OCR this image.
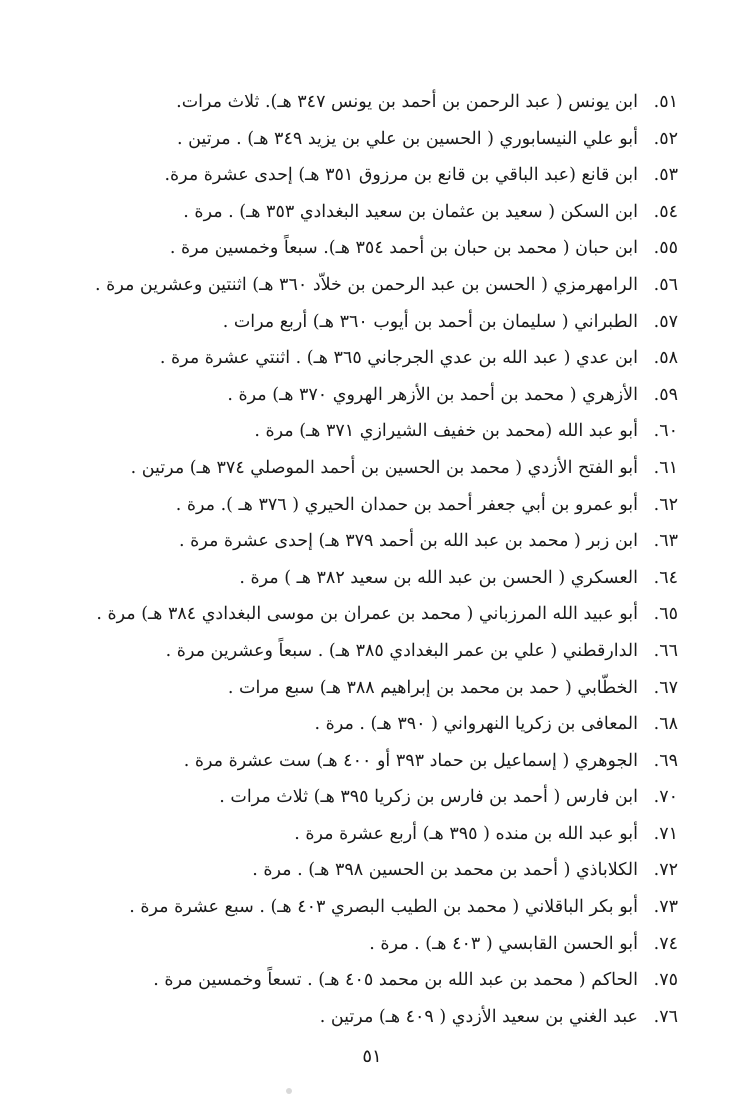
٥١.ابن يونس ( عبد الرحمن بن أحمد بن يونس ٣٤٧ هـ). ثلاث مرات.
٥٢.أبو علي النيسابوري ( الحسين بن علي بن يزيد ٣٤٩ هـ) . مرتين .
٥٣.ابن قانع (عبد الباقي بن قانع بن مرزوق ٣٥١ هـ) إحدى عشرة مرة.
٥٤.ابن السكن ( سعيد بن عثمان بن سعيد البغدادي ٣٥٣ هـ) . مرة .
٥٥.ابن حبان ( محمد بن حبان بن أحمد ٣٥٤ هـ). سبعاً وخمسين مرة .
٥٦.الرامهرمزي ( الحسن بن عبد الرحمن بن خلاّد ٣٦٠ هـ) اثنتين وعشرين مرة .
٥٧.الطبراني ( سليمان بن أحمد بن أيوب ٣٦٠ هـ) أربع مرات .
٥٨.ابن عدي ( عبد الله بن عدي الجرجاني ٣٦٥ هـ) . اثنتي عشرة مرة .
٥٩.الأزهري ( محمد بن أحمد بن الأزهر الهروي ٣٧٠ هـ) مرة .
٦٠.أبو عبد الله (محمد بن خفيف الشيرازي ٣٧١ هـ) مرة .
٦١.أبو الفتح الأزدي ( محمد بن الحسين بن أحمد الموصلي ٣٧٤ هـ) مرتين .
٦٢.أبو عمرو بن أبي جعفر أحمد بن حمدان الحيري ( ٣٧٦ هـ ). مرة .
٦٣.ابن زبر ( محمد بن عبد الله بن أحمد ٣٧٩ هـ) إحدى عشرة مرة .
٦٤.العسكري ( الحسن بن عبد الله بن سعيد ٣٨٢ هـ ) مرة .
٦٥.أبو عبيد الله المرزباني ( محمد بن عمران بن موسى البغدادي ٣٨٤ هـ) مرة .
٦٦.الدارقطني ( علي بن عمر البغدادي ٣٨٥ هـ) . سبعاً وعشرين مرة .
٦٧.الخطّابي ( حمد بن محمد بن إبراهيم ٣٨٨ هـ) سبع مرات .
٦٨.المعافى بن زكريا النهرواني ( ٣٩٠ هـ) . مرة .
٦٩.الجوهري ( إسماعيل بن حماد ٣٩٣ أو ٤٠٠ هـ) ست عشرة مرة .
٧٠.ابن فارس ( أحمد بن فارس بن زكريا ٣٩٥ هـ) ثلاث مرات .
٧١.أبو عبد الله بن منده ( ٣٩٥ هـ) أربع عشرة مرة .
٧٢.الكلاباذي ( أحمد بن محمد بن الحسين ٣٩٨ هـ) . مرة .
٧٣.أبو بكر الباقلاني ( محمد بن الطيب البصري ٤٠٣ هـ) . سبع عشرة مرة .
٧٤.أبو الحسن القابسي ( ٤٠٣ هـ) . مرة .
٧٥.الحاكم ( محمد بن عبد الله بن محمد ٤٠٥ هـ) . تسعاً وخمسين مرة .
٧٦.عبد الغني بن سعيد الأزدي ( ٤٠٩ هـ) مرتين .
٥١
